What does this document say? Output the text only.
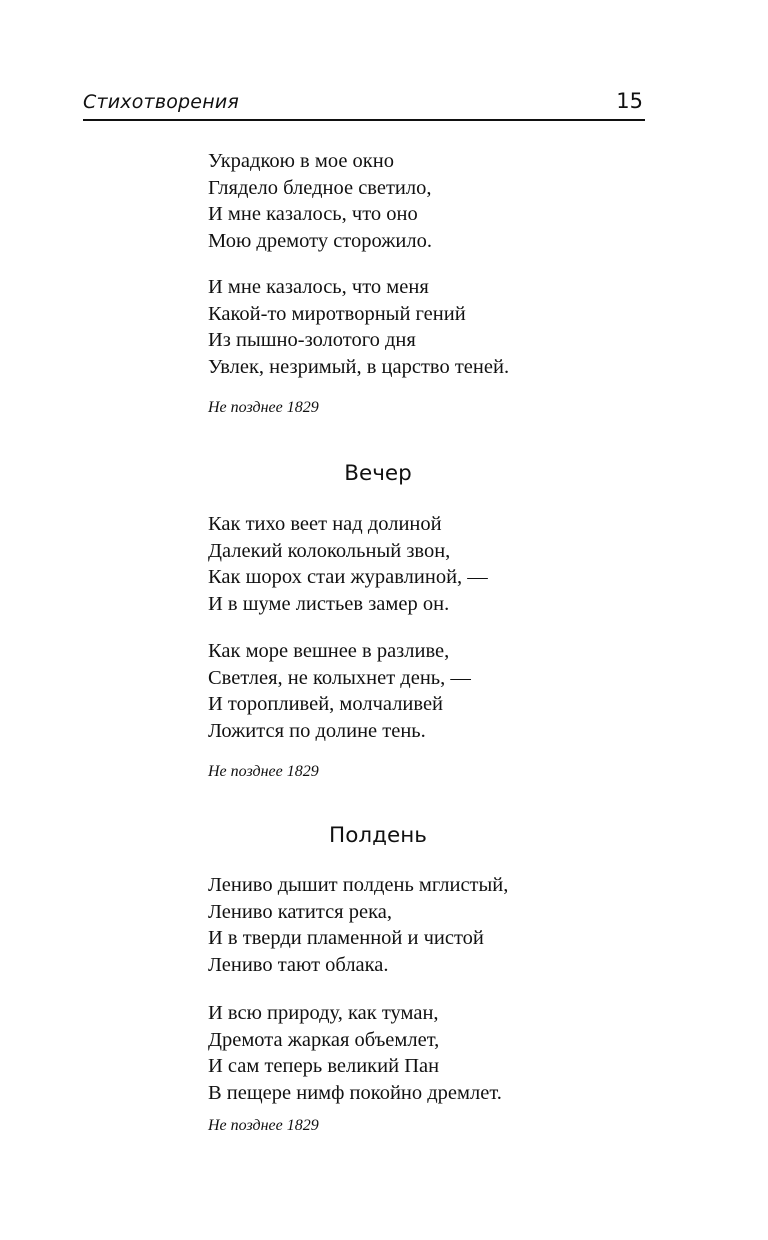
Стихотворения	15
Украдкою в мое окно
Глядело бледное светило,
И мне казалось, что оно
Мою дремоту сторожило.
И мне казалось, что меня
Какой-то миротворный гений
Из пышно-золотого дня
Увлек, незримый, в царство теней.
Не позднее 1829
Вечер
Как тихо веет над долиной
Далекий колокольный звон,
Как шорох стаи журавлиной, —
И в шуме листьев замер он.
Как море вешнее в разливе,
Светлея, не колыхнет день, —
И торопливей, молчаливей
Ложится по долине тень.
Не позднее 1829
Полдень
Лениво дышит полдень мглистый,
Лениво катится река,
И в тверди пламенной и чистой
Лениво тают облака.
И всю природу, как туман,
Дремота жаркая объемлет,
И сам теперь великий Пан
В пещере нимф покойно дремлет.
Не позднее 1829
